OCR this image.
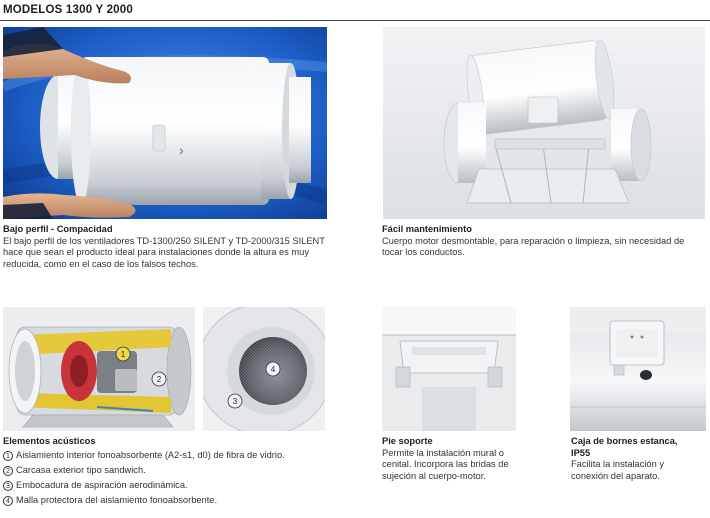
MODELOS 1300 Y 2000
›
1
2
4
3
Bajo perfil - Compacidad
El bajo perfil de los ventiladores TD-1300/250 SILENT y TD-2000/315 SILENT hace que sean el producto ideal para instalaciones donde la altura es muy reducida, como en el caso de los falsos techos.
Fácil mantenimiento
Cuerpo motor desmontable, para reparación o limpieza, sin necesidad de tocar los conductos.
Elementos acústicos
1 Aislamiento interior fonoabsorbente (A2-s1, d0) de fibra de vidrio.
2 Carcasa exterior tipo sandwich.
3 Embocadura de aspiración aerodinámica.
4 Malla protectora del aislamiento fonoabsorbente.
Pie soporte
Permite la instalación mural o cenital. Incorpora las bridas de sujeción al cuerpo-motor.
Caja de bornes estanca, IP55
Facilita la instalación y conexión del aparato.
